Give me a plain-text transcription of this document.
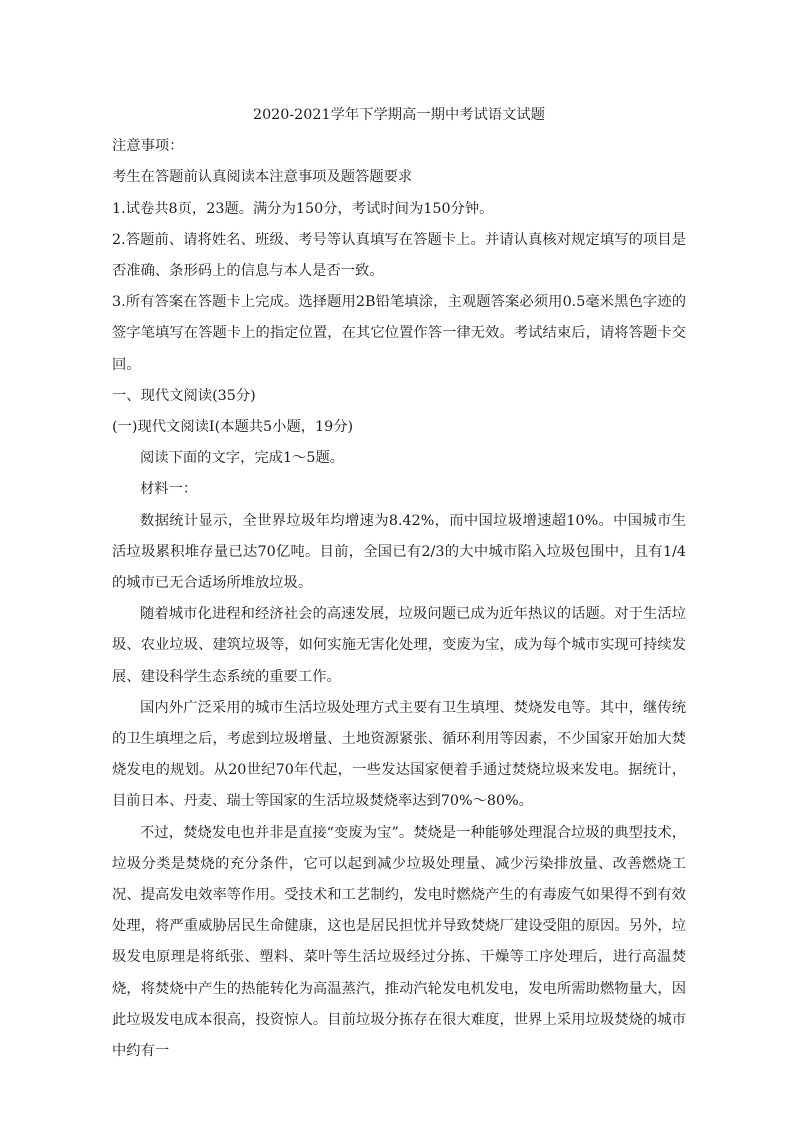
2020-2021学年下学期高一期中考试语文试题

注意事项：

考生在答题前认真阅读本注意事项及题答题要求

1.试卷共8页，23题。满分为150分，考试时间为150分钟。

2.答题前、请将姓名、班级、考号等认真填写在答题卡上。并请认真核对规定填写的项目是否准确、条形码上的信息与本人是否一致。

3.所有答案在答题卡上完成。选择题用2B铅笔填涂，主观题答案必须用0.5毫米黑色字迹的签字笔填写在答题卡上的指定位置，在其它位置作答一律无效。考试结束后，请将答题卡交回。

一、现代文阅读(35分)

(一)现代文阅读I(本题共5小题，19分)

阅读下面的文字，完成1～5题。

材料一：

数据统计显示，全世界垃圾年均增速为8.42%，而中国垃圾增速超10%。中国城市生活垃圾累积堆存量已达70亿吨。目前，全国已有2/3的大中城市陷入垃圾包围中，且有1/4的城市已无合适场所堆放垃圾。

随着城市化进程和经济社会的高速发展，垃圾问题已成为近年热议的话题。对于生活垃圾、农业垃圾、建筑垃圾等，如何实施无害化处理，变废为宝，成为每个城市实现可持续发展、建设科学生态系统的重要工作。

国内外广泛采用的城市生活垃圾处理方式主要有卫生填埋、焚烧发电等。其中，继传统的卫生填埋之后，考虑到垃圾增量、土地资源紧张、循环利用等因素，不少国家开始加大焚烧发电的规划。从20世纪70年代起，一些发达国家便着手通过焚烧垃圾来发电。据统计，目前日本、丹麦、瑞士等国家的生活垃圾焚烧率达到70%～80%。

不过，焚烧发电也并非是直接“变废为宝”。焚烧是一种能够处理混合垃圾的典型技术，垃圾分类是焚烧的充分条件，它可以起到减少垃圾处理量、减少污染排放量、改善燃烧工况、提高发电效率等作用。受技术和工艺制约，发电时燃烧产生的有毒废气如果得不到有效处理，将严重威胁居民生命健康，这也是居民担忧并导致焚烧厂建设受阻的原因。另外，垃圾发电原理是将纸张、塑料、菜叶等生活垃圾经过分拣、干燥等工序处理后，进行高温焚烧，将焚烧中产生的热能转化为高温蒸汽，推动汽轮发电机发电，发电所需助燃物量大，因此垃圾发电成本很高，投资惊人。目前垃圾分拣存在很大难度，世界上采用垃圾焚烧的城市中约有一
